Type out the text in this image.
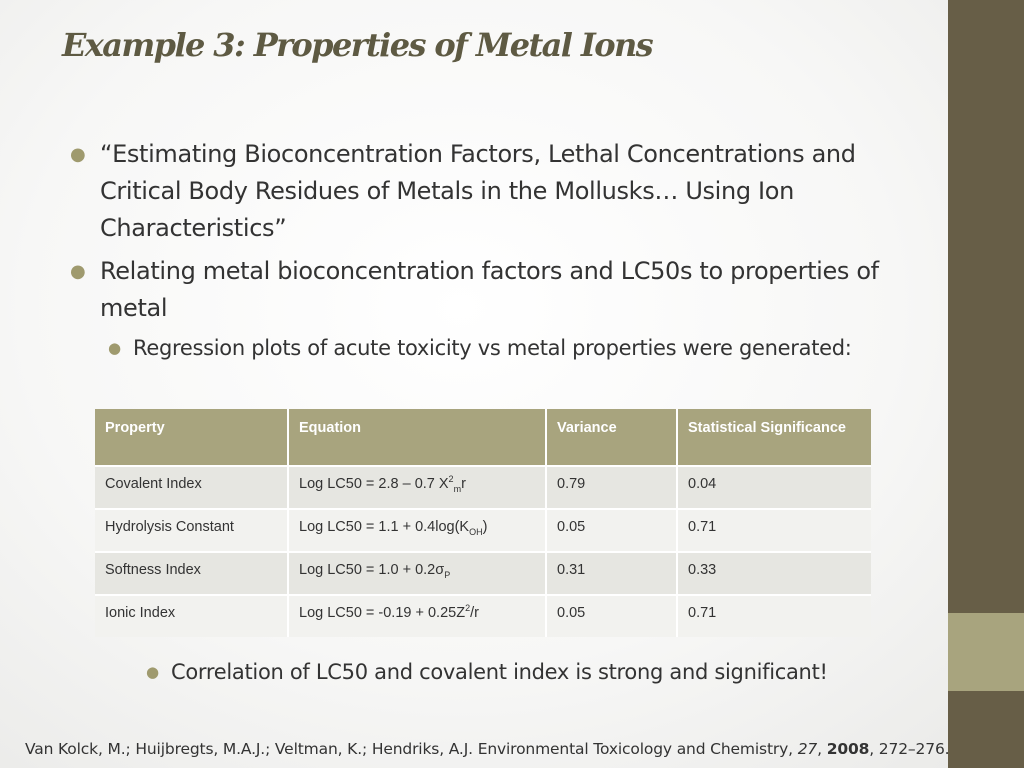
Example 3: Properties of Metal Ions
● “Estimating Bioconcentration Factors, Lethal Concentrations and Critical Body Residues of Metals in the Mollusks… Using Ion Characteristics”
● Relating metal bioconcentration factors and LC50s to properties of metal
● Regression plots of acute toxicity vs metal properties were generated:
Property	Equation	Variance	Statistical Significance
Covalent Index	Log LC50 = 2.8 – 0.7 $X^2_mr$	0.79	0.04
Hydrolysis Constant	Log $LC50 = 1.1 + 0.4\log(K_{OH})$	0.05	0.71
Softness Index	Log $LC50 = 1.0 + 0.2\sigma_P$	0.31	0.33
Ionic Index	Log $LC50 = -0.19 + 0.25Z^2/r$	0.05	0.71
● Correlation of LC50 and covalent index is strong and significant!
Van Kolck, M.; Huijbregts, M.A.J.; Veltman, K.; Hendriks, A.J. Environmental Toxicology and Chemistry, 27, 2008, 272–276.
